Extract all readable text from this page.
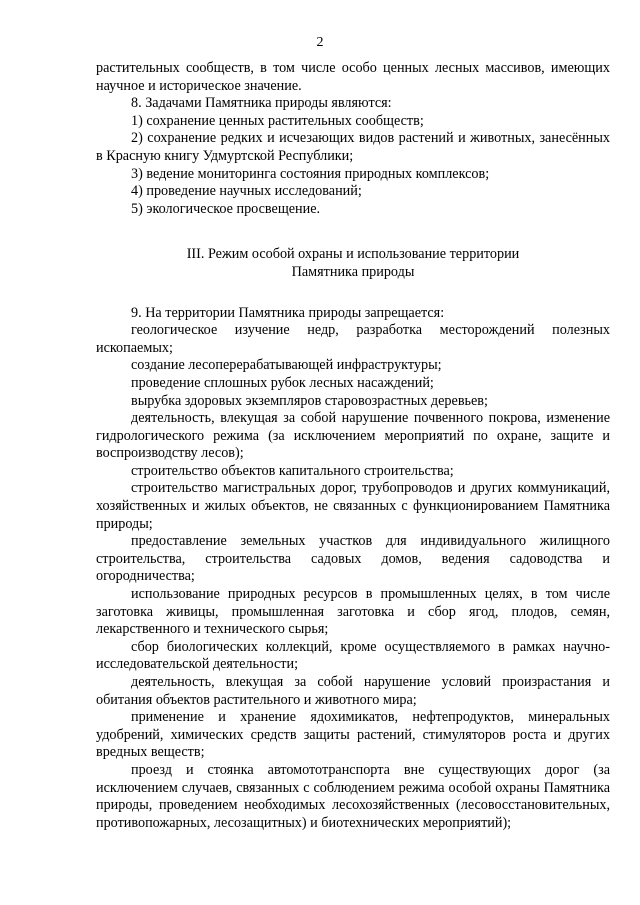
2

растительных сообществ, в том числе особо ценных лесных массивов, имеющих научное и историческое значение.

8. Задачами Памятника природы являются:

1) сохранение ценных растительных сообществ;

2) сохранение редких и исчезающих видов растений и животных, занесённых в Красную книгу Удмуртской Республики;

3) ведение мониторинга состояния природных комплексов;

4) проведение научных исследований;

5) экологическое просвещение.

III. Режим особой охраны и использование территории
Памятника природы

9. На территории Памятника природы запрещается:

геологическое изучение недр, разработка месторождений полезных ископаемых;

создание лесоперерабатывающей инфраструктуры;

проведение сплошных рубок лесных насаждений;

вырубка здоровых экземпляров старовозрастных деревьев;

деятельность, влекущая за собой нарушение почвенного покрова, изменение гидрологического режима (за исключением мероприятий по охране, защите и воспроизводству лесов);

строительство объектов капитального строительства;

строительство магистральных дорог, трубопроводов и других коммуникаций, хозяйственных и жилых объектов, не связанных с функционированием Памятника природы;

предоставление земельных участков для индивидуального жилищного строительства, строительства садовых домов, ведения садоводства и огородничества;

использование природных ресурсов в промышленных целях, в том числе заготовка живицы, промышленная заготовка и сбор ягод, плодов, семян, лекарственного и технического сырья;

сбор биологических коллекций, кроме осуществляемого в рамках научно-исследовательской деятельности;

деятельность, влекущая за собой нарушение условий произрастания и обитания объектов растительного и животного мира;

применение и хранение ядохимикатов, нефтепродуктов, минеральных удобрений, химических средств защиты растений, стимуляторов роста и других вредных веществ;

проезд и стоянка автомототранспорта вне существующих дорог (за исключением случаев, связанных с соблюдением режима особой охраны Памятника природы, проведением необходимых лесохозяйственных (лесовосстановительных, противопожарных, лесозащитных) и биотехнических мероприятий);
